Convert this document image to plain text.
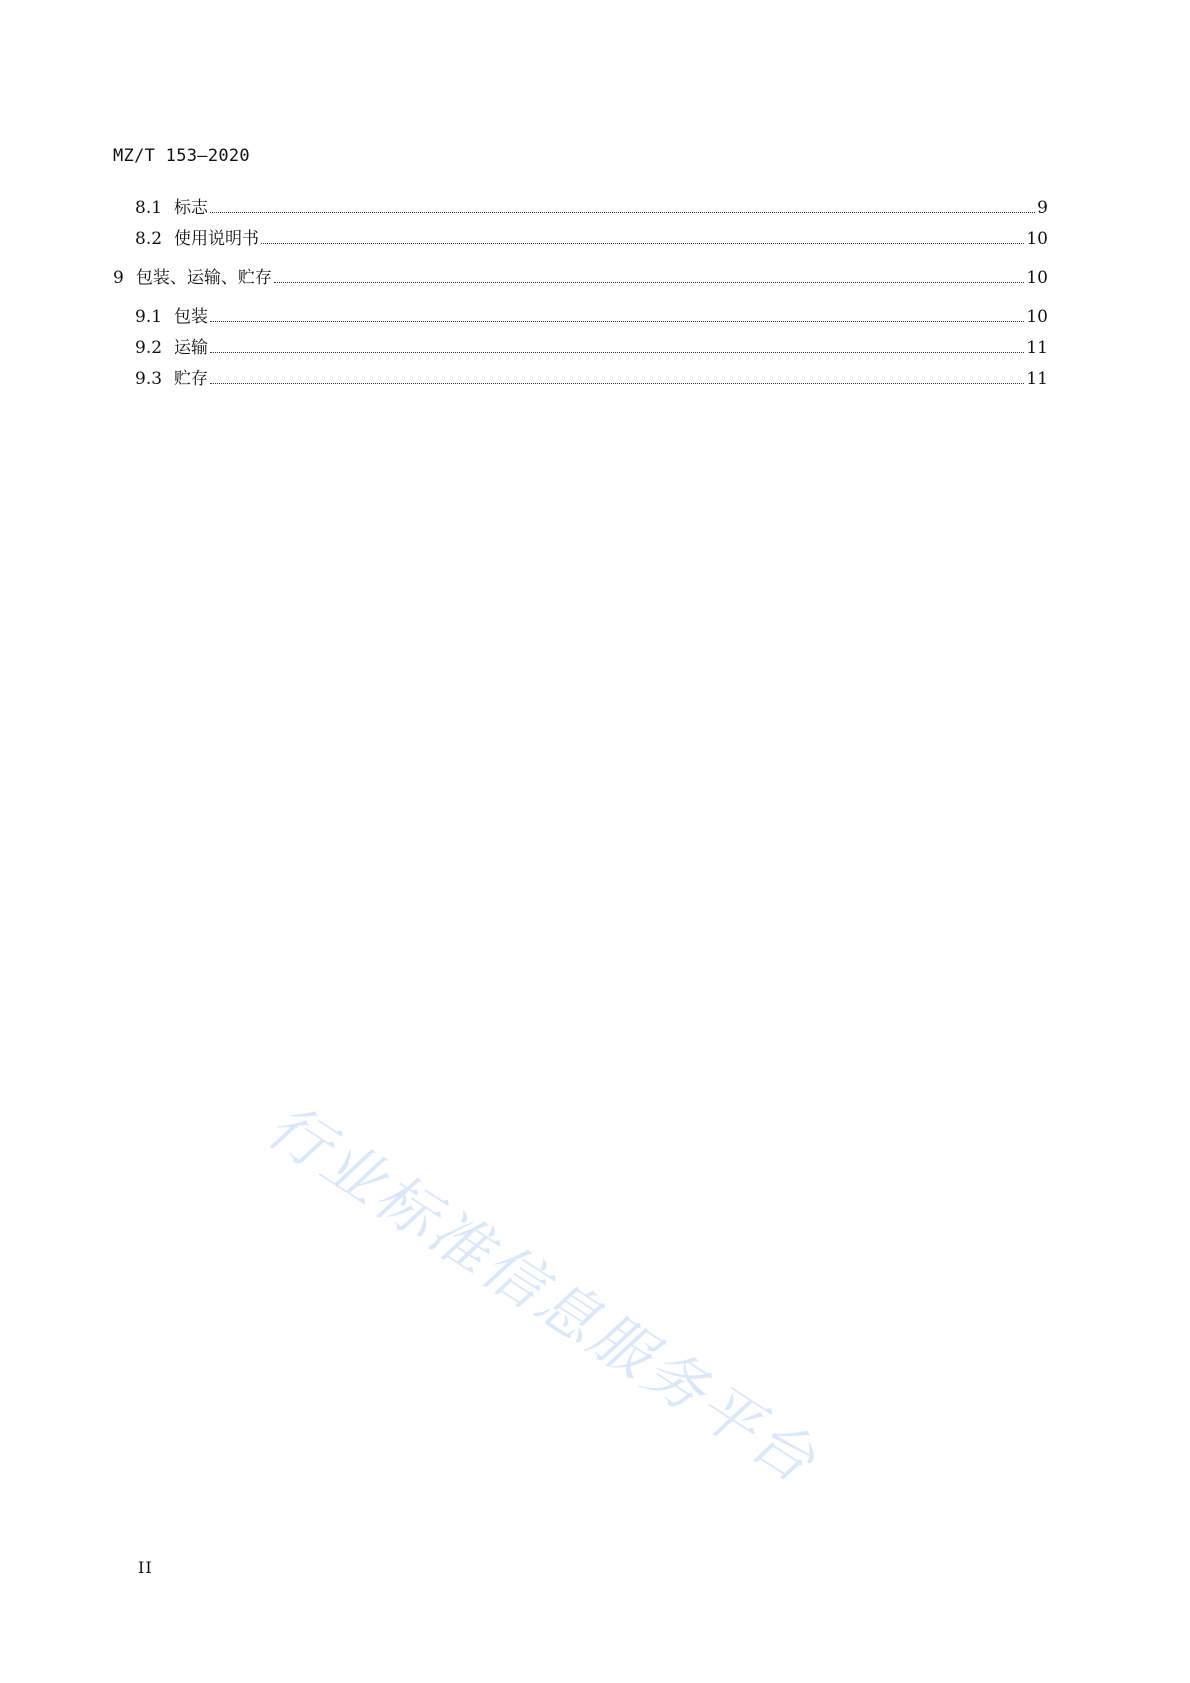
MZ/T 153—2020
8.1 标志	9
8.2 使用说明书	10
9 包装、运输、贮存	10
9.1 包装	10
9.2 运输	11
9.3 贮存	11
行业标准信息服务平台
II
